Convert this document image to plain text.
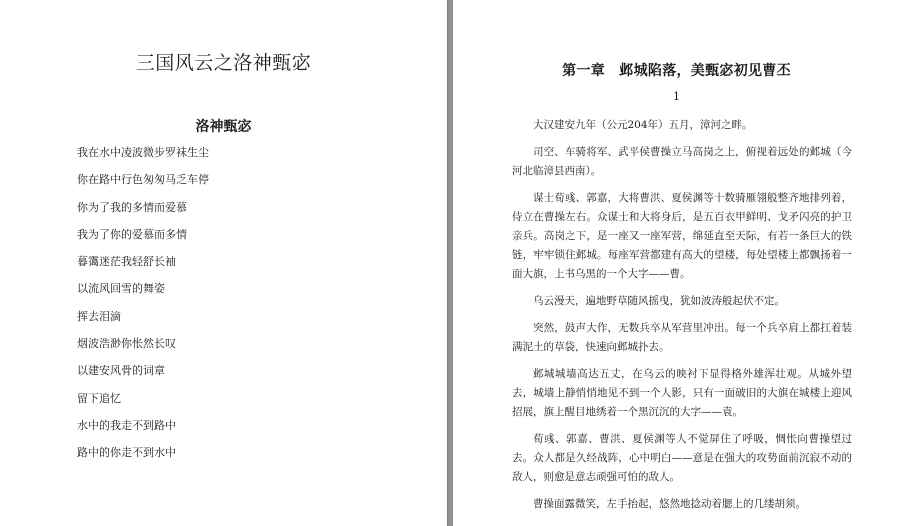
三国风云之洛神甄宓
洛神甄宓
我在水中凌波微步罗袜生尘
你在路中行色匆匆马乏车停
你为了我的多情而爱慕
我为了你的爱慕而多情
暮霭迷茫我轻舒长袖
以流风回雪的舞姿
挥去泪滴
烟波浩渺你怅然长叹
以建安风骨的词章
留下追忆
水中的我走不到路中
路中的你走不到水中
第一章　邺城陷落，美甄宓初见曹丕
1

大汉建安九年（公元204年）五月，漳河之畔。

司空、车骑将军、武平侯曹操立马高岗之上，俯视着远处的邺城（今河北临漳县西南）。

谋士荀彧、郭嘉，大将曹洪、夏侯渊等十数骑雁翎般整齐地排列着，侍立在曹操左右。众谋士和大将身后，是五百衣甲鲜明、戈矛闪亮的护卫亲兵。高岗之下，是一座又一座军营，绵延直至天际，有若一条巨大的铁链，牢牢锁住邺城。每座军营都建有高大的望楼，每处望楼上都飘扬着一面大旗，上书乌黑的一个大字——曹。

乌云漫天，遍地野草随风摇曳，犹如波涛般起伏不定。

突然，鼓声大作，无数兵卒从军营里冲出。每一个兵卒肩上都扛着装满泥土的草袋，快速向邺城扑去。

邺城城墙高达五丈，在乌云的映衬下显得格外雄浑壮观。从城外望去，城墙上静悄悄地见不到一个人影，只有一面破旧的大旗在城楼上迎风招展，旗上醒目地绣着一个黑沉沉的大字——袁。

荀彧、郭嘉、曹洪、夏侯渊等人不觉屏住了呼吸，惆怅向曹操望过去。众人都是久经战阵，心中明白——意是在强大的攻势面前沉寂不动的敌人，则愈是意志顽强可怕的敌人。

曹操面露微笑，左手抬起，悠然地捻动着腮上的几缕胡须。
